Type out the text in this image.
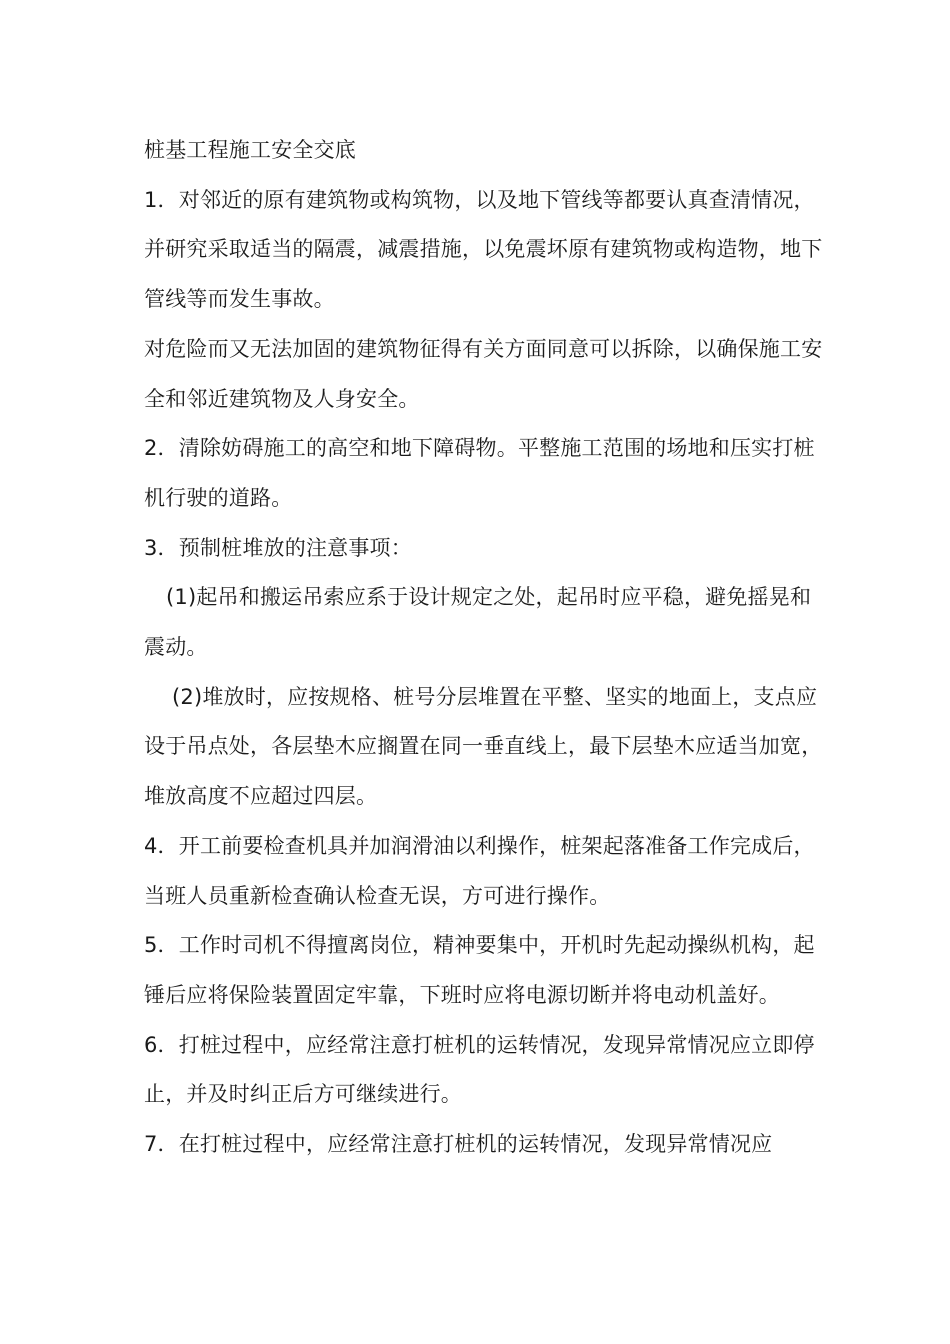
桩基工程施工安全交底

1．对邻近的原有建筑物或构筑物，以及地下管线等都要认真查清情况，并研究采取适当的隔震，减震措施，以免震坏原有建筑物或构造物，地下管线等而发生事故。

对危险而又无法加固的建筑物征得有关方面同意可以拆除，以确保施工安全和邻近建筑物及人身安全。

2．清除妨碍施工的高空和地下障碍物。平整施工范围的场地和压实打桩机行驶的道路。

3．预制桩堆放的注意事项：

(1)起吊和搬运吊索应系于设计规定之处，起吊时应平稳，避免摇晃和震动。

(2)堆放时，应按规格、桩号分层堆置在平整、坚实的地面上，支点应设于吊点处，各层垫木应搁置在同一垂直线上，最下层垫木应适当加宽，堆放高度不应超过四层。

4．开工前要检查机具并加润滑油以利操作，桩架起落准备工作完成后，当班人员重新检查确认检查无误，方可进行操作。

5．工作时司机不得擅离岗位，精神要集中，开机时先起动操纵机构，起锤后应将保险装置固定牢靠，下班时应将电源切断并将电动机盖好。

6．打桩过程中，应经常注意打桩机的运转情况，发现异常情况应立即停止，并及时纠正后方可继续进行。

7．在打桩过程中，应经常注意打桩机的运转情况，发现异常情况应
